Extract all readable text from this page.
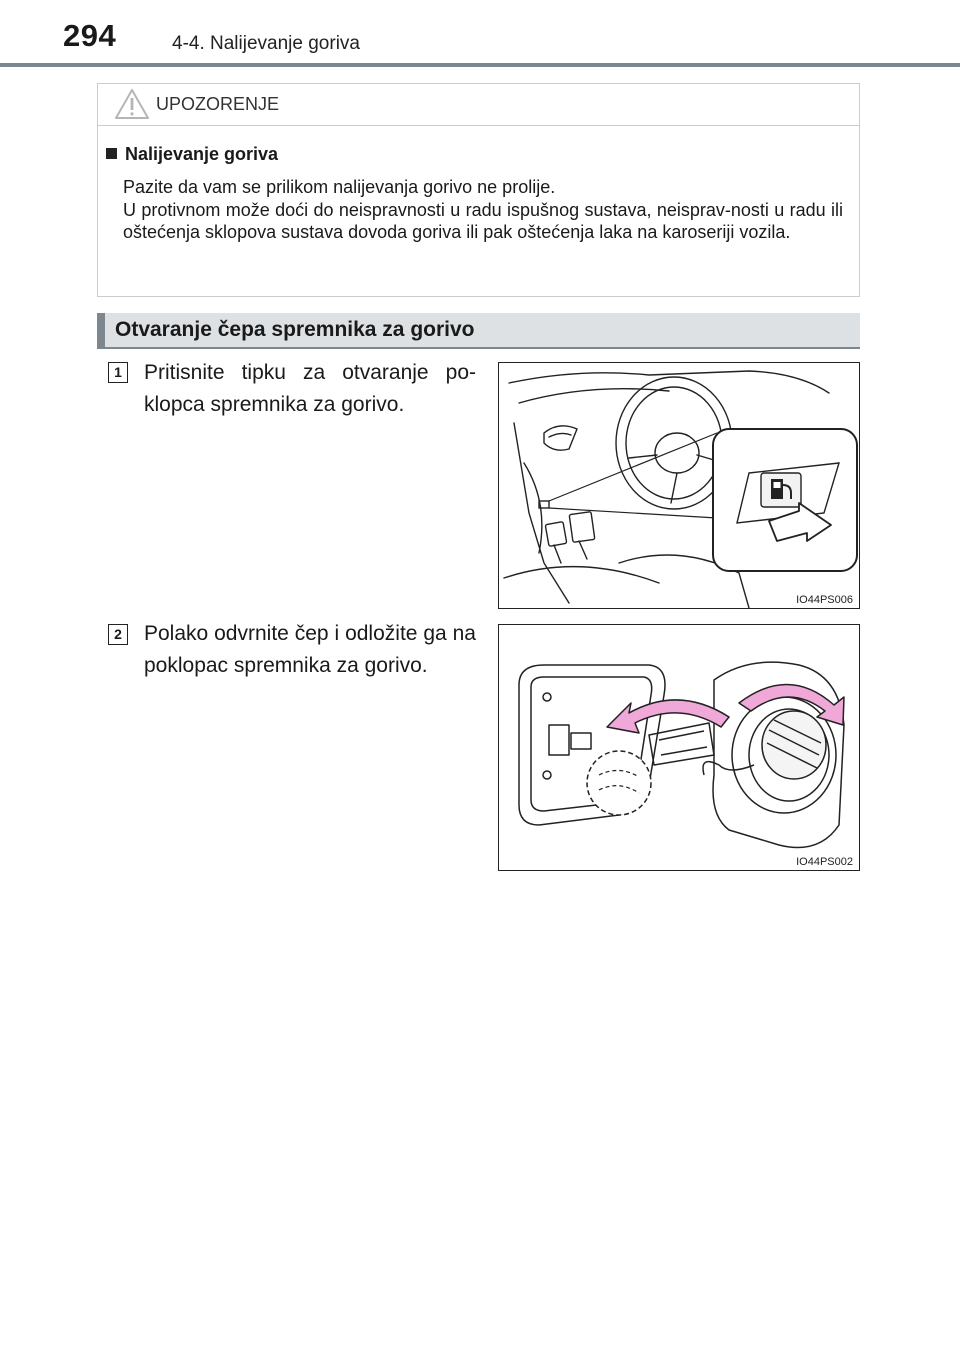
294	4-4. Nalijevanje goriva
UPOZORENJE
Nalijevanje goriva

Pazite da vam se prilikom nalijevanja gorivo ne prolije.

U protivnom može doći do neispravnosti u radu ispušnog sustava, neisprav-nosti u radu ili oštećenja sklopova sustava dovoda goriva ili pak oštećenja laka na karoseriji vozila.

Otvaranje čepa spremnika za gorivo
1 Pritisnite tipku za otvaranje po-klopca spremnika za gorivo.
IO44PS006
2 Polako odvrnite čep i odložite ga na poklopac spremnika za gorivo.
IO44PS002
